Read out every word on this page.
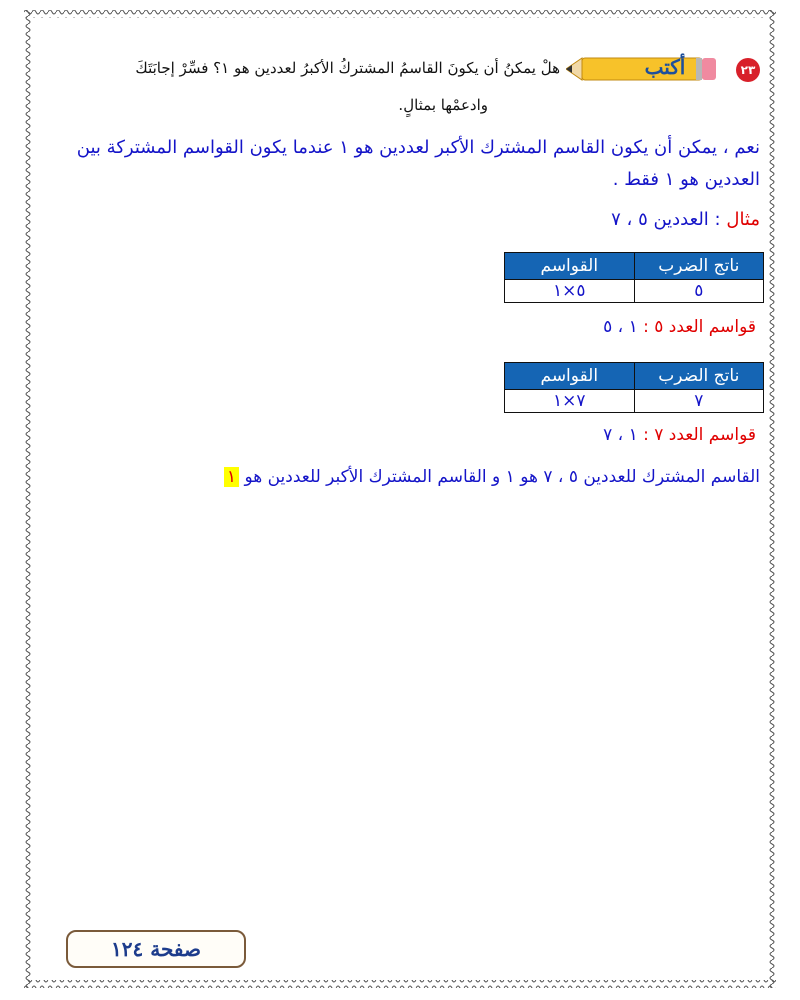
٢٣
أكتب
هلْ يمكنُ أن يكونَ القاسمُ المشتركُ الأكبرُ لعددين هو ١؟ فسِّرْ إجابَتَكَ
وادعمْها بمثالٍ.
نعم ، يمكن أن يكون القاسم المشترك الأكبر لعددين هو ١ عندما يكون القواسم المشتركة بين العددين هو ١ فقط .
مثال : العددين ٥ ، ٧
ناتج الضرب	القواسم
٥	٥×١
قواسم العدد ٥ : ١ ، ٥
ناتج الضرب	القواسم
٧	٧×١
قواسم العدد ٧ : ١ ، ٧
القاسم المشترك للعددين ٥ ، ٧ هو ١ و القاسم المشترك الأكبر للعددين هو ١
صفحة ١٢٤
